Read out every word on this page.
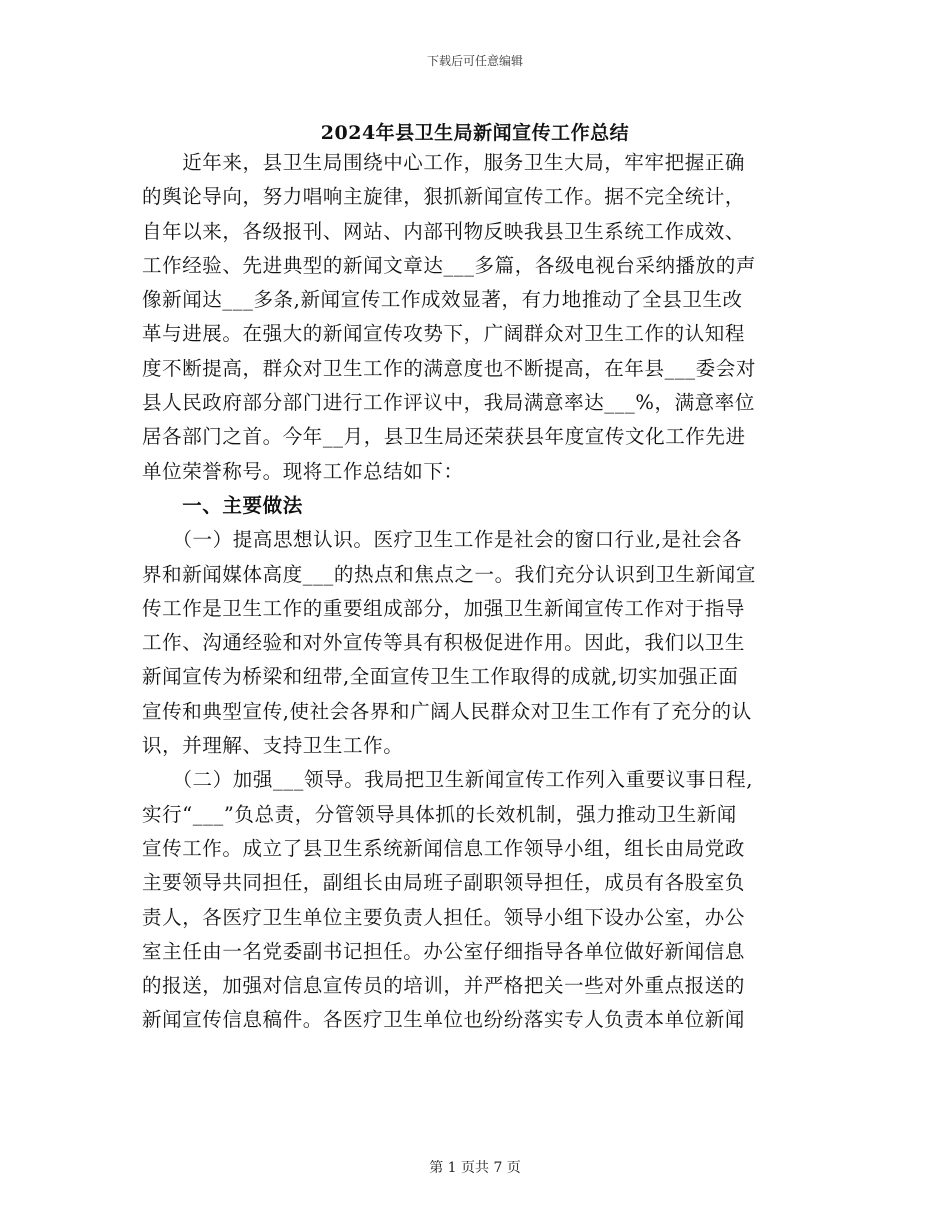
下载后可任意编辑
2024年县卫生局新闻宣传工作总结
　　近年来，县卫生局围绕中心工作，服务卫生大局，牢牢把握正确
的舆论导向，努力唱响主旋律，狠抓新闻宣传工作。据不完全统计，
自年以来，各级报刊、网站、内部刊物反映我县卫生系统工作成效、
工作经验、先进典型的新闻文章达___多篇，各级电视台采纳播放的声
像新闻达___多条,新闻宣传工作成效显著，有力地推动了全县卫生改
革与进展。在强大的新闻宣传攻势下，广阔群众对卫生工作的认知程
度不断提高，群众对卫生工作的满意度也不断提高，在年县___委会对
县人民政府部分部门进行工作评议中，我局满意率达___%，满意率位
居各部门之首。今年__月，县卫生局还荣获县年度宣传文化工作先进
单位荣誉称号。现将工作总结如下：
　　一、主要做法
　　（一）提高思想认识。医疗卫生工作是社会的窗口行业,是社会各
界和新闻媒体高度___的热点和焦点之一。我们充分认识到卫生新闻宣
传工作是卫生工作的重要组成部分，加强卫生新闻宣传工作对于指导
工作、沟通经验和对外宣传等具有积极促进作用。因此，我们以卫生
新闻宣传为桥梁和纽带,全面宣传卫生工作取得的成就,切实加强正面
宣传和典型宣传,使社会各界和广阔人民群众对卫生工作有了充分的认
识，并理解、支持卫生工作。
　　（二）加强___领导。我局把卫生新闻宣传工作列入重要议事日程,
实行“___”负总责，分管领导具体抓的长效机制，强力推动卫生新闻
宣传工作。成立了县卫生系统新闻信息工作领导小组，组长由局党政
主要领导共同担任，副组长由局班子副职领导担任，成员有各股室负
责人，各医疗卫生单位主要负责人担任。领导小组下设办公室，办公
室主任由一名党委副书记担任。办公室仔细指导各单位做好新闻信息
的报送，加强对信息宣传员的培训，并严格把关一些对外重点报送的
新闻宣传信息稿件。各医疗卫生单位也纷纷落实专人负责本单位新闻
第 1 页共 7 页
